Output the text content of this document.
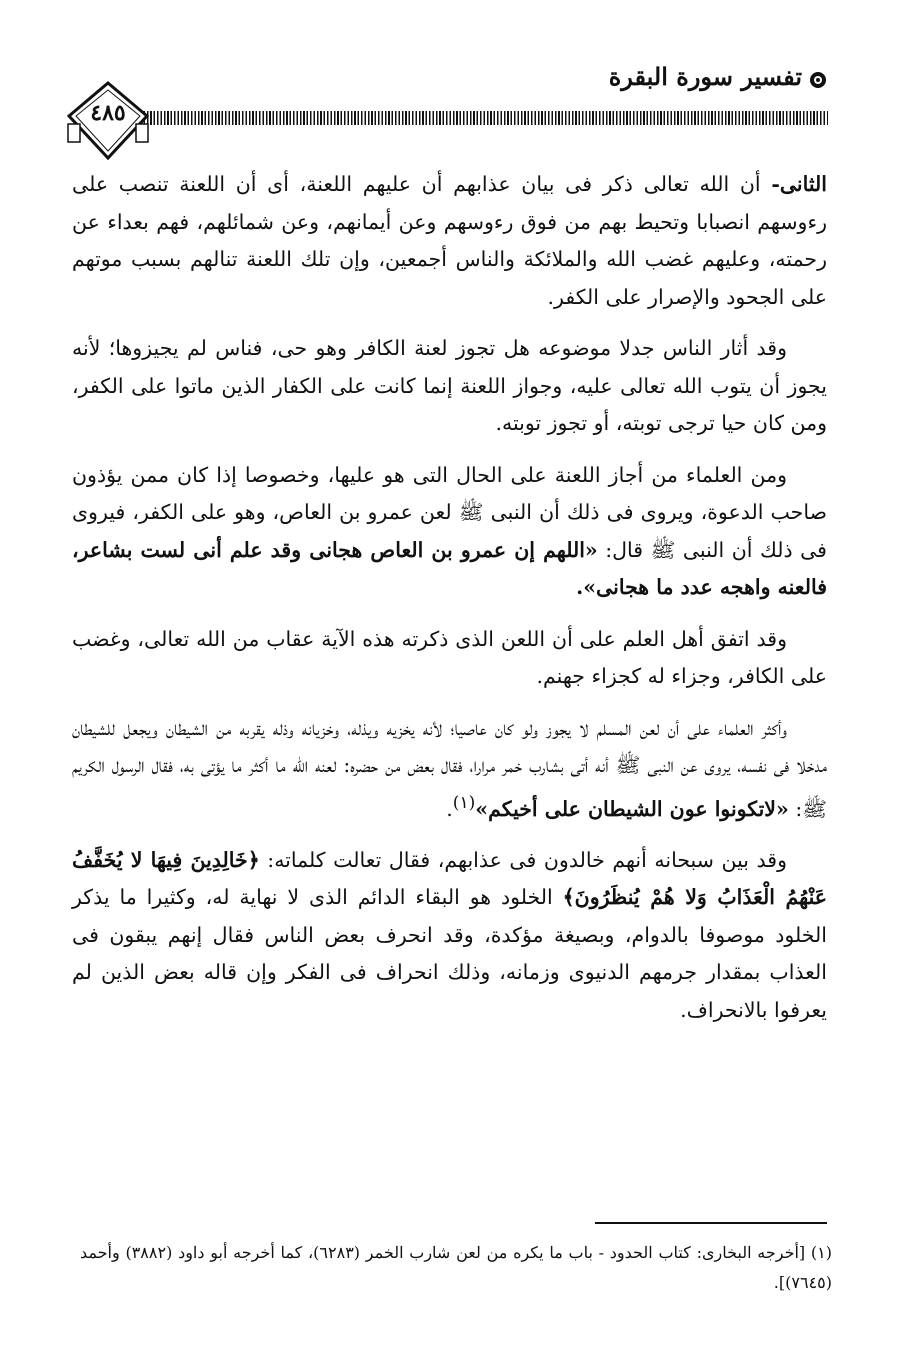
تفسير سورة البقرة
٤٨٥

الثانى- أن الله تعالى ذكر فى بيان عذابهم أن عليهم اللعنة، أى أن اللعنة تنصب على رءوسهم انصبابا وتحيط بهم من فوق رءوسهم وعن أيمانهم، وعن شمائلهم، فهم بعداء عن رحمته، وعليهم غضب الله والملائكة والناس أجمعين، وإن تلك اللعنة تنالهم بسبب موتهم على الجحود والإصرار على الكفر.

وقد أثار الناس جدلا موضوعه هل تجوز لعنة الكافر وهو حى، فناس لم يجيزوها؛ لأنه يجوز أن يتوب الله تعالى عليه، وجواز اللعنة إنما كانت على الكفار الذين ماتوا على الكفر، ومن كان حيا ترجى توبته، أو تجوز توبته.

ومن العلماء من أجاز اللعنة على الحال التى هو عليها، وخصوصا إذا كان ممن يؤذون صاحب الدعوة، ويروى فى ذلك أن النبى ﷺ لعن عمرو بن العاص، وهو على الكفر، فيروى فى ذلك أن النبى ﷺ قال: «اللهم إن عمرو بن العاص هجانى وقد علم أنى لست بشاعر، فالعنه واهجه عدد ما هجانى».

وقد اتفق أهل العلم على أن اللعن الذى ذكرته هذه الآية عقاب من الله تعالى، وغضب على الكافر، وجزاء له كجزاء جهنم.

وأكثر العلماء على أن لعن المسلم لا يجوز ولو كان عاصيا؛ لأنه يخزيه ويذله، وخزيانه وذله يقربه من الشيطان ويجعل للشيطان مدخلا فى نفسه، يروى عن النبى ﷺ أنه أتى بشارب خمر مرارا، فقال بعض من حضره: لعنه الله ما أكثر ما يؤتى به، فقال الرسول الكريم ﷺ: «لاتكونوا عون الشيطان على أخيكم»$^{(١)}$.

وقد بين سبحانه أنهم خالدون فى عذابهم، فقال تعالت كلماته: ﴿خَالِدِينَ فِيهَا لا يُخَفَّفُ عَنْهُمُ الْعَذَابُ وَلا هُمْ يُنظَرُونَ﴾ الخلود هو البقاء الدائم الذى لا نهاية له، وكثيرا ما يذكر الخلود موصوفا بالدوام، وبصيغة مؤكدة، وقد انحرف بعض الناس فقال إنهم يبقون فى العذاب بمقدار جرمهم الدنيوى وزمانه، وذلك انحراف فى الفكر وإن قاله بعض الذين لم يعرفوا بالانحراف.

(١) [أخرجه البخارى: كتاب الحدود - باب ما يكره من لعن شارب الخمر (٦٢٨٣)، كما أخرجه أبو داود (٣٨٨٢) وأحمد (٧٦٤٥)].
